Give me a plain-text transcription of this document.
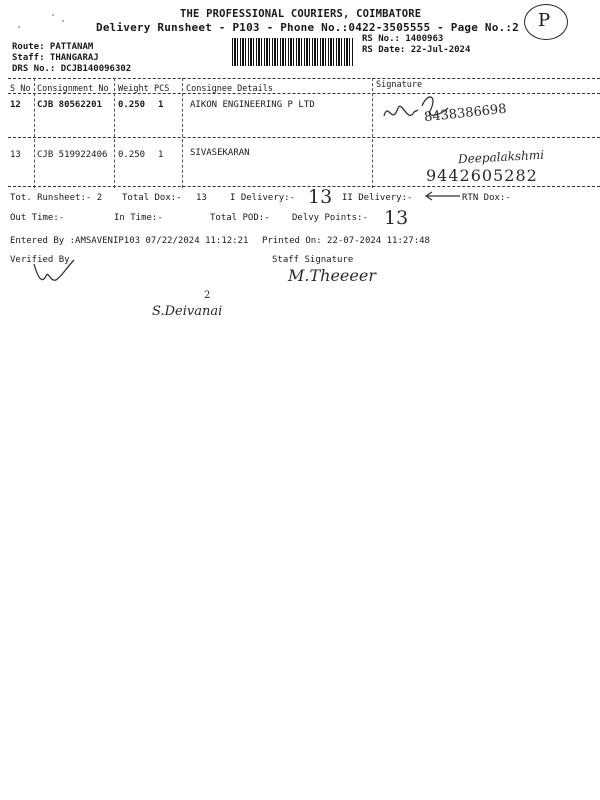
THE PROFESSIONAL COURIERS, COIMBATORE
Delivery Runsheet - P103 - Phone No.:0422-3505555 - Page No.:2 P
Route: PATTANAM
Staff: THANGARAJ
DRS No.: DCJB140096302
RS No.: 1400963
RS Date: 22-Jul-2024
S No Consignment No Weight PCS Consignee Details	Signature
12 CJB 80562201 0.250 1	AIKON ENGINEERING P LTD	8438386698
13 CJB 519922406 0.250 1	SIVASEKARAN	Deepalakshmi
9442605282
Tot. Runsheet:- 2 Total Dox:- 13	I Delivery:- 13 II Delivery:-	RTN Dox:-
Out Time:-	In Time:-	Total POD:- Delvy Points:- 13
Entered By :AMSAVENIP103 07/22/2024 11:12:21 Printed On: 22-07-2024 11:27:48
Verified By	Staff Signature
M.Theeeer
2
S.Deivanai
